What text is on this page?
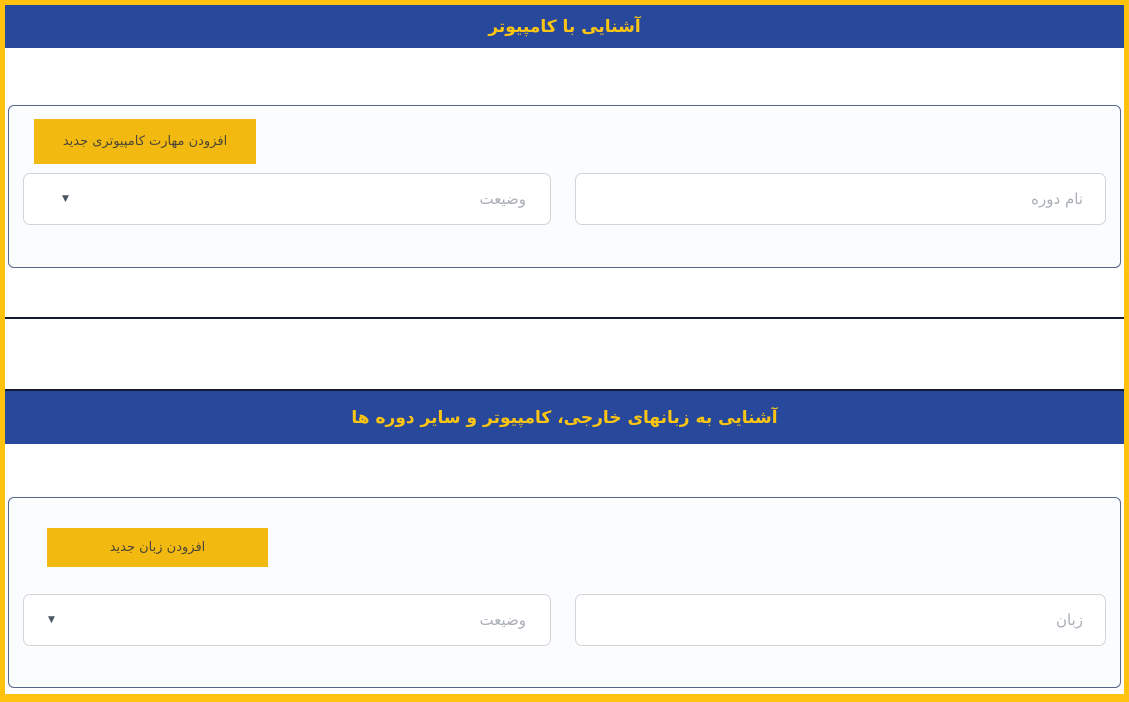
آشنایی با کامپیوتر
افزودن مهارت کامپیوتری جدید
وضیعت
▼
نام دوره
آشنایی به زبانهای خارجی، کامپیوتر و سایر دوره ها
افزودن زبان جدید
وضیعت
▼
زبان
